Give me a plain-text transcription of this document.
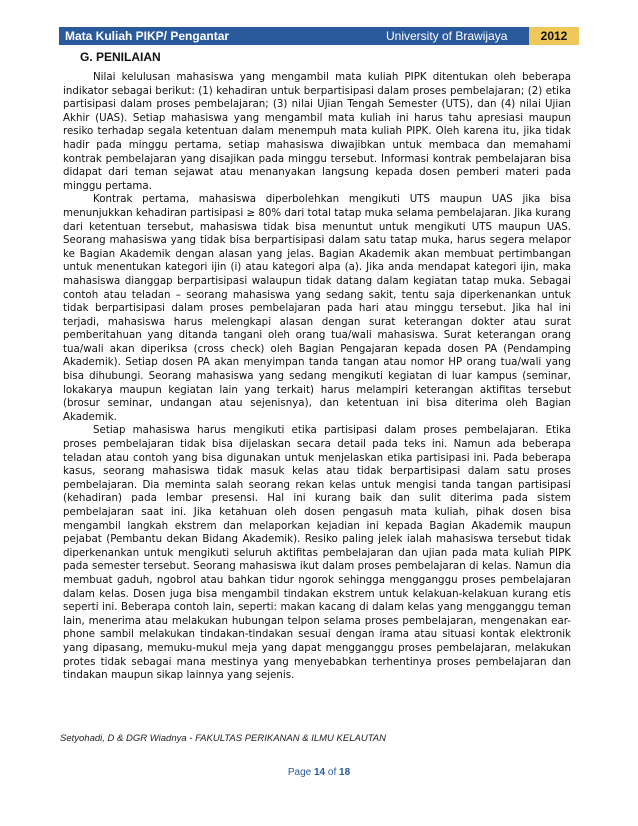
Mata Kuliah PIKP/ Pengantar	University of Brawijaya	2012
G. PENILAIAN

Nilai kelulusan mahasiswa yang mengambil mata kuliah PIPK ditentukan oleh beberapa indikator sebagai berikut: (1) kehadiran untuk berpartisipasi dalam proses pembelajaran; (2) etika partisipasi dalam proses pembelajaran; (3) nilai Ujian Tengah Semester (UTS), dan (4) nilai Ujian Akhir (UAS). Setiap mahasiswa yang mengambil mata kuliah ini harus tahu apresiasi maupun resiko terhadap segala ketentuan dalam menempuh mata kuliah PIPK. Oleh karena itu, jika tidak hadir pada minggu pertama, setiap mahasiswa diwajibkan untuk membaca dan memahami kontrak pembelajaran yang disajikan pada minggu tersebut. Informasi kontrak pembelajaran bisa didapat dari teman sejawat atau menanyakan langsung kepada dosen pemberi materi pada minggu pertama.

Kontrak pertama, mahasiswa diperbolehkan mengikuti UTS maupun UAS jika bisa menunjukkan kehadiran partisipasi ≥ 80% dari total tatap muka selama pembelajaran. Jika kurang dari ketentuan tersebut, mahasiswa tidak bisa menuntut untuk mengikuti UTS maupun UAS. Seorang mahasiswa yang tidak bisa berpartisipasi dalam satu tatap muka, harus segera melapor ke Bagian Akademik dengan alasan yang jelas. Bagian Akademik akan membuat pertimbangan untuk menentukan kategori ijin (i) atau kategori alpa (a). Jika anda mendapat kategori ijin, maka mahasiswa dianggap berpartisipasi walaupun tidak datang dalam kegiatan tatap muka. Sebagai contoh atau teladan – seorang mahasiswa yang sedang sakit, tentu saja diperkenankan untuk tidak berpartisipasi dalam proses pembelajaran pada hari atau minggu tersebut. Jika hal ini terjadi, mahasiswa harus melengkapi alasan dengan surat keterangan dokter atau surat pemberitahuan yang ditanda tangani oleh orang tua/wali mahasiswa. Surat keterangan orang tua/wali akan diperiksa (cross check) oleh Bagian Pengajaran kepada dosen PA (Pendamping Akademik). Setiap dosen PA akan menyimpan tanda tangan atau nomor HP orang tua/wali yang bisa dihubungi. Seorang mahasiswa yang sedang mengikuti kegiatan di luar kampus (seminar, lokakarya maupun kegiatan lain yang terkait) harus melampiri keterangan aktifitas tersebut (brosur seminar, undangan atau sejenisnya), dan ketentuan ini bisa diterima oleh Bagian Akademik.

Setiap mahasiswa harus mengikuti etika partisipasi dalam proses pembelajaran. Etika proses pembelajaran tidak bisa dijelaskan secara detail pada teks ini. Namun ada beberapa teladan atau contoh yang bisa digunakan untuk menjelaskan etika partisipasi ini. Pada beberapa kasus, seorang mahasiswa tidak masuk kelas atau tidak berpartisipasi dalam satu proses pembelajaran. Dia meminta salah seorang rekan kelas untuk mengisi tanda tangan partisipasi (kehadiran) pada lembar presensi. Hal ini kurang baik dan sulit diterima pada sistem pembelajaran saat ini. Jika ketahuan oleh dosen pengasuh mata kuliah, pihak dosen bisa mengambil langkah ekstrem dan melaporkan kejadian ini kepada Bagian Akademik maupun pejabat (Pembantu dekan Bidang Akademik). Resiko paling jelek ialah mahasiswa tersebut tidak diperkenankan untuk mengikuti seluruh aktifitas pembelajaran dan ujian pada mata kuliah PIPK pada semester tersebut. Seorang mahasiswa ikut dalam proses pembelajaran di kelas. Namun dia membuat gaduh, ngobrol atau bahkan tidur ngorok sehingga mengganggu proses pembelajaran dalam kelas. Dosen juga bisa mengambil tindakan ekstrem untuk kelakuan-kelakuan kurang etis seperti ini. Beberapa contoh lain, seperti: makan kacang di dalam kelas yang mengganggu teman lain, menerima atau melakukan hubungan telpon selama proses pembelajaran, mengenakan ear-phone sambil melakukan tindakan-tindakan sesuai dengan irama atau situasi kontak elektronik yang dipasang, memuku-mukul meja yang dapat mengganggu proses pembelajaran, melakukan protes tidak sebagai mana mestinya yang menyebabkan terhentinya proses pembelajaran dan tindakan maupun sikap lainnya yang sejenis.

Setyohadi, D & DGR Wiadnya - FAKULTAS PERIKANAN & ILMU KELAUTAN
Page 14 of 18
